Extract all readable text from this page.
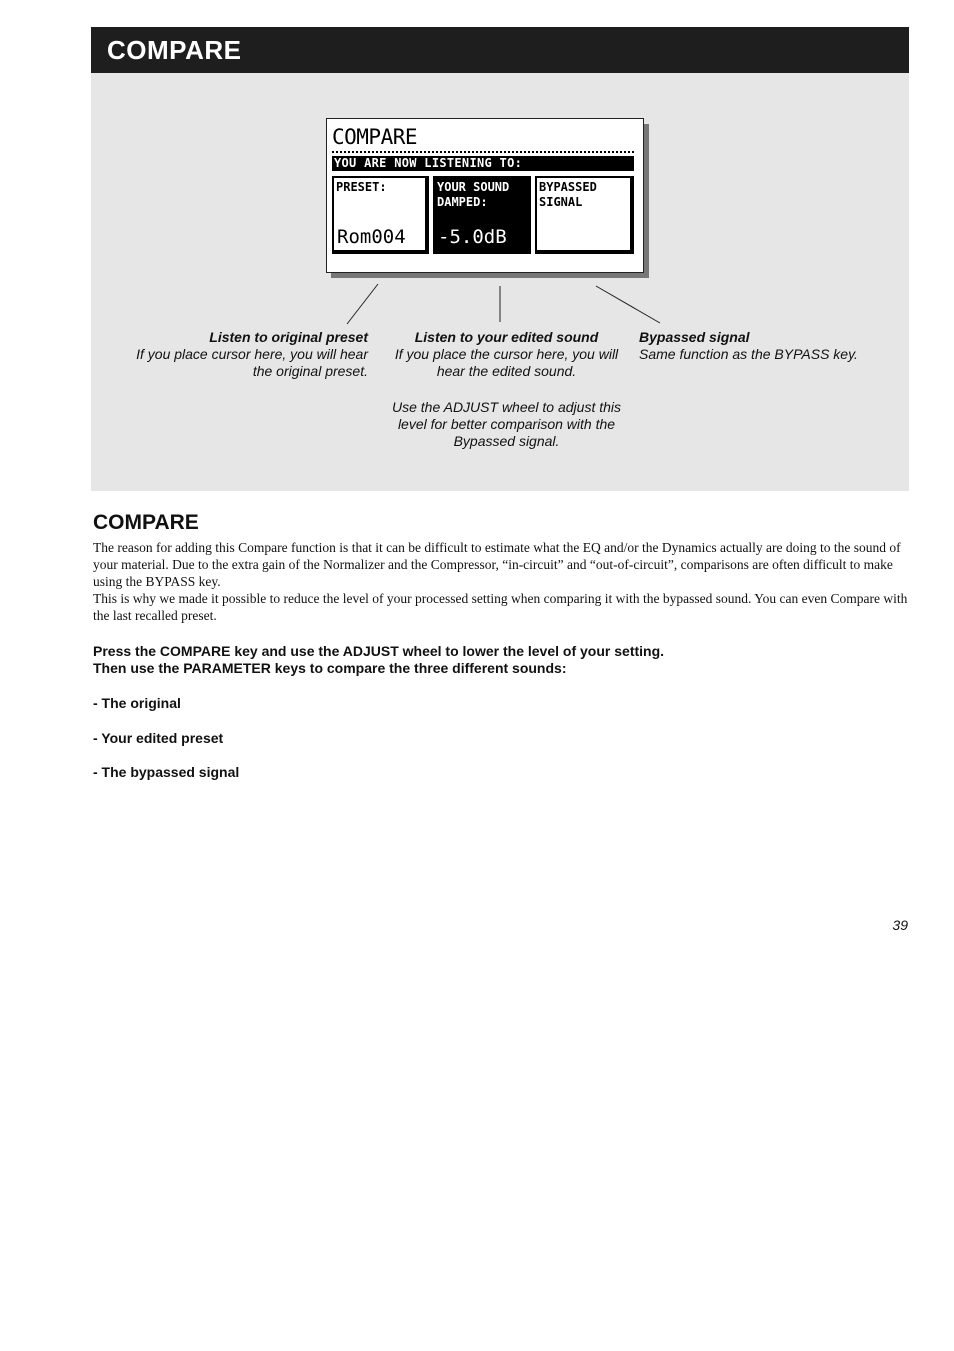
COMPARE
COMPARE
YOU ARE NOW LISTENING TO:
PRESET:
Rom004
YOUR SOUND
DAMPED:
-5.0dB
BYPASSED
SIGNAL
Listen to original preset
If you place cursor here, you will hear the original preset.
Listen to your edited sound
If you place the cursor here, you will hear the edited sound.
Use the ADJUST wheel to adjust this level for better comparison with the Bypassed signal.
Bypassed signal
Same function as the BYPASS key.
COMPARE

The reason for adding this Compare function is that it can be difficult to estimate what the EQ and/or the Dynamics actually are doing to the sound of your material. Due to the extra gain of the Normalizer and the Compressor, “in-circuit” and “out-of-circuit”, comparisons are often difficult to make using the BYPASS key.

This is why we made it possible to reduce the level of your processed setting when comparing it with the bypassed sound. You can even Compare with the last recalled preset.

Press the COMPARE key and use the ADJUST wheel to lower the level of your setting.

Then use the PARAMETER keys to compare the three different sounds:

- The original
- Your edited preset
- The bypassed signal
39
